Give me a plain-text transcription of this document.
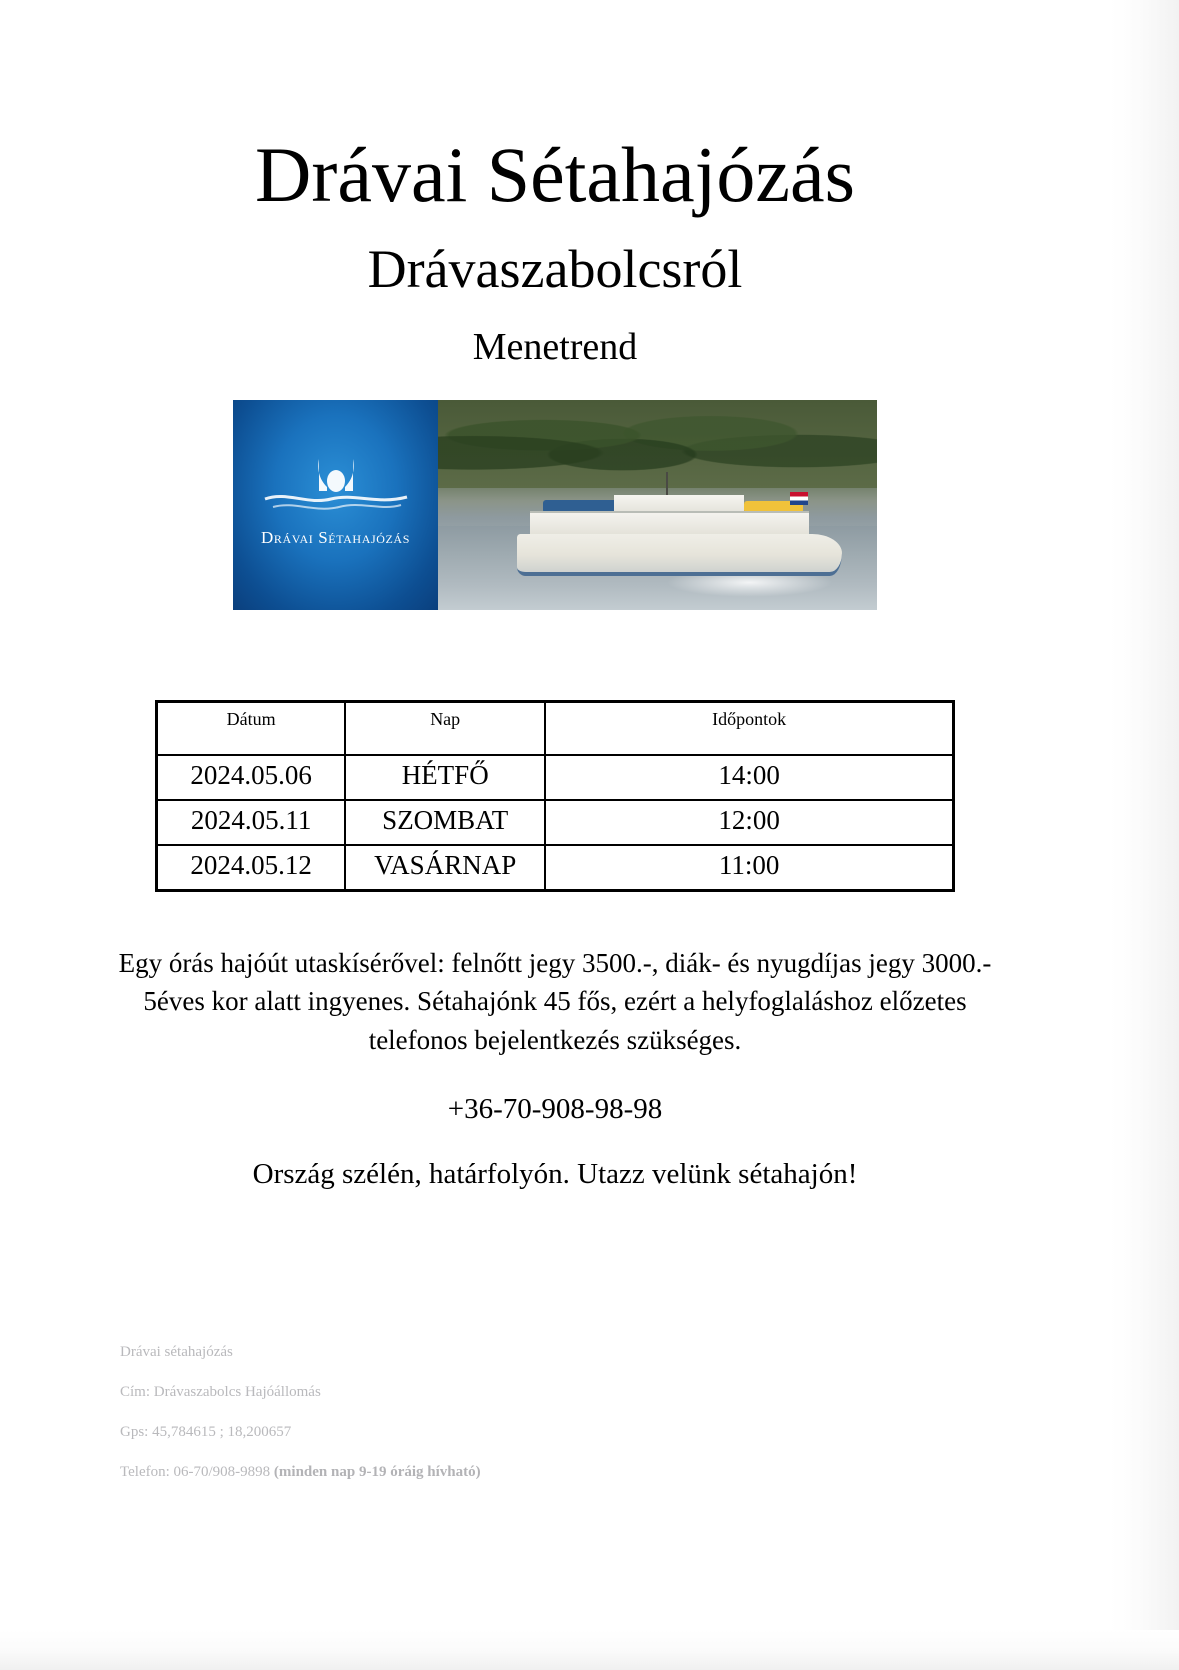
Drávai Sétahajózás
Drávaszabolcsról
Menetrend
Drávai Sétahajózás
Dátum	Nap	Időpontok
2024.05.06	HÉTFŐ	14:00
2024.05.11	SZOMBAT	12:00
2024.05.12	VASÁRNAP	11:00
Egy órás hajóút utaskísérővel: felnőtt jegy 3500.-, diák- és nyugdíjas jegy 3000.-
5éves kor alatt ingyenes. Sétahajónk 45 fős, ezért a helyfoglaláshoz előzetes
telefonos bejelentkezés szükséges.
+36-70-908-98-98
Ország szélén, határfolyón. Utazz velünk sétahajón!
Drávai sétahajózás
Cím: Drávaszabolcs Hajóállomás
Gps: 45,784615 ; 18,200657
Telefon: 06-70/908-9898 (minden nap 9-19 óráig hívható)
